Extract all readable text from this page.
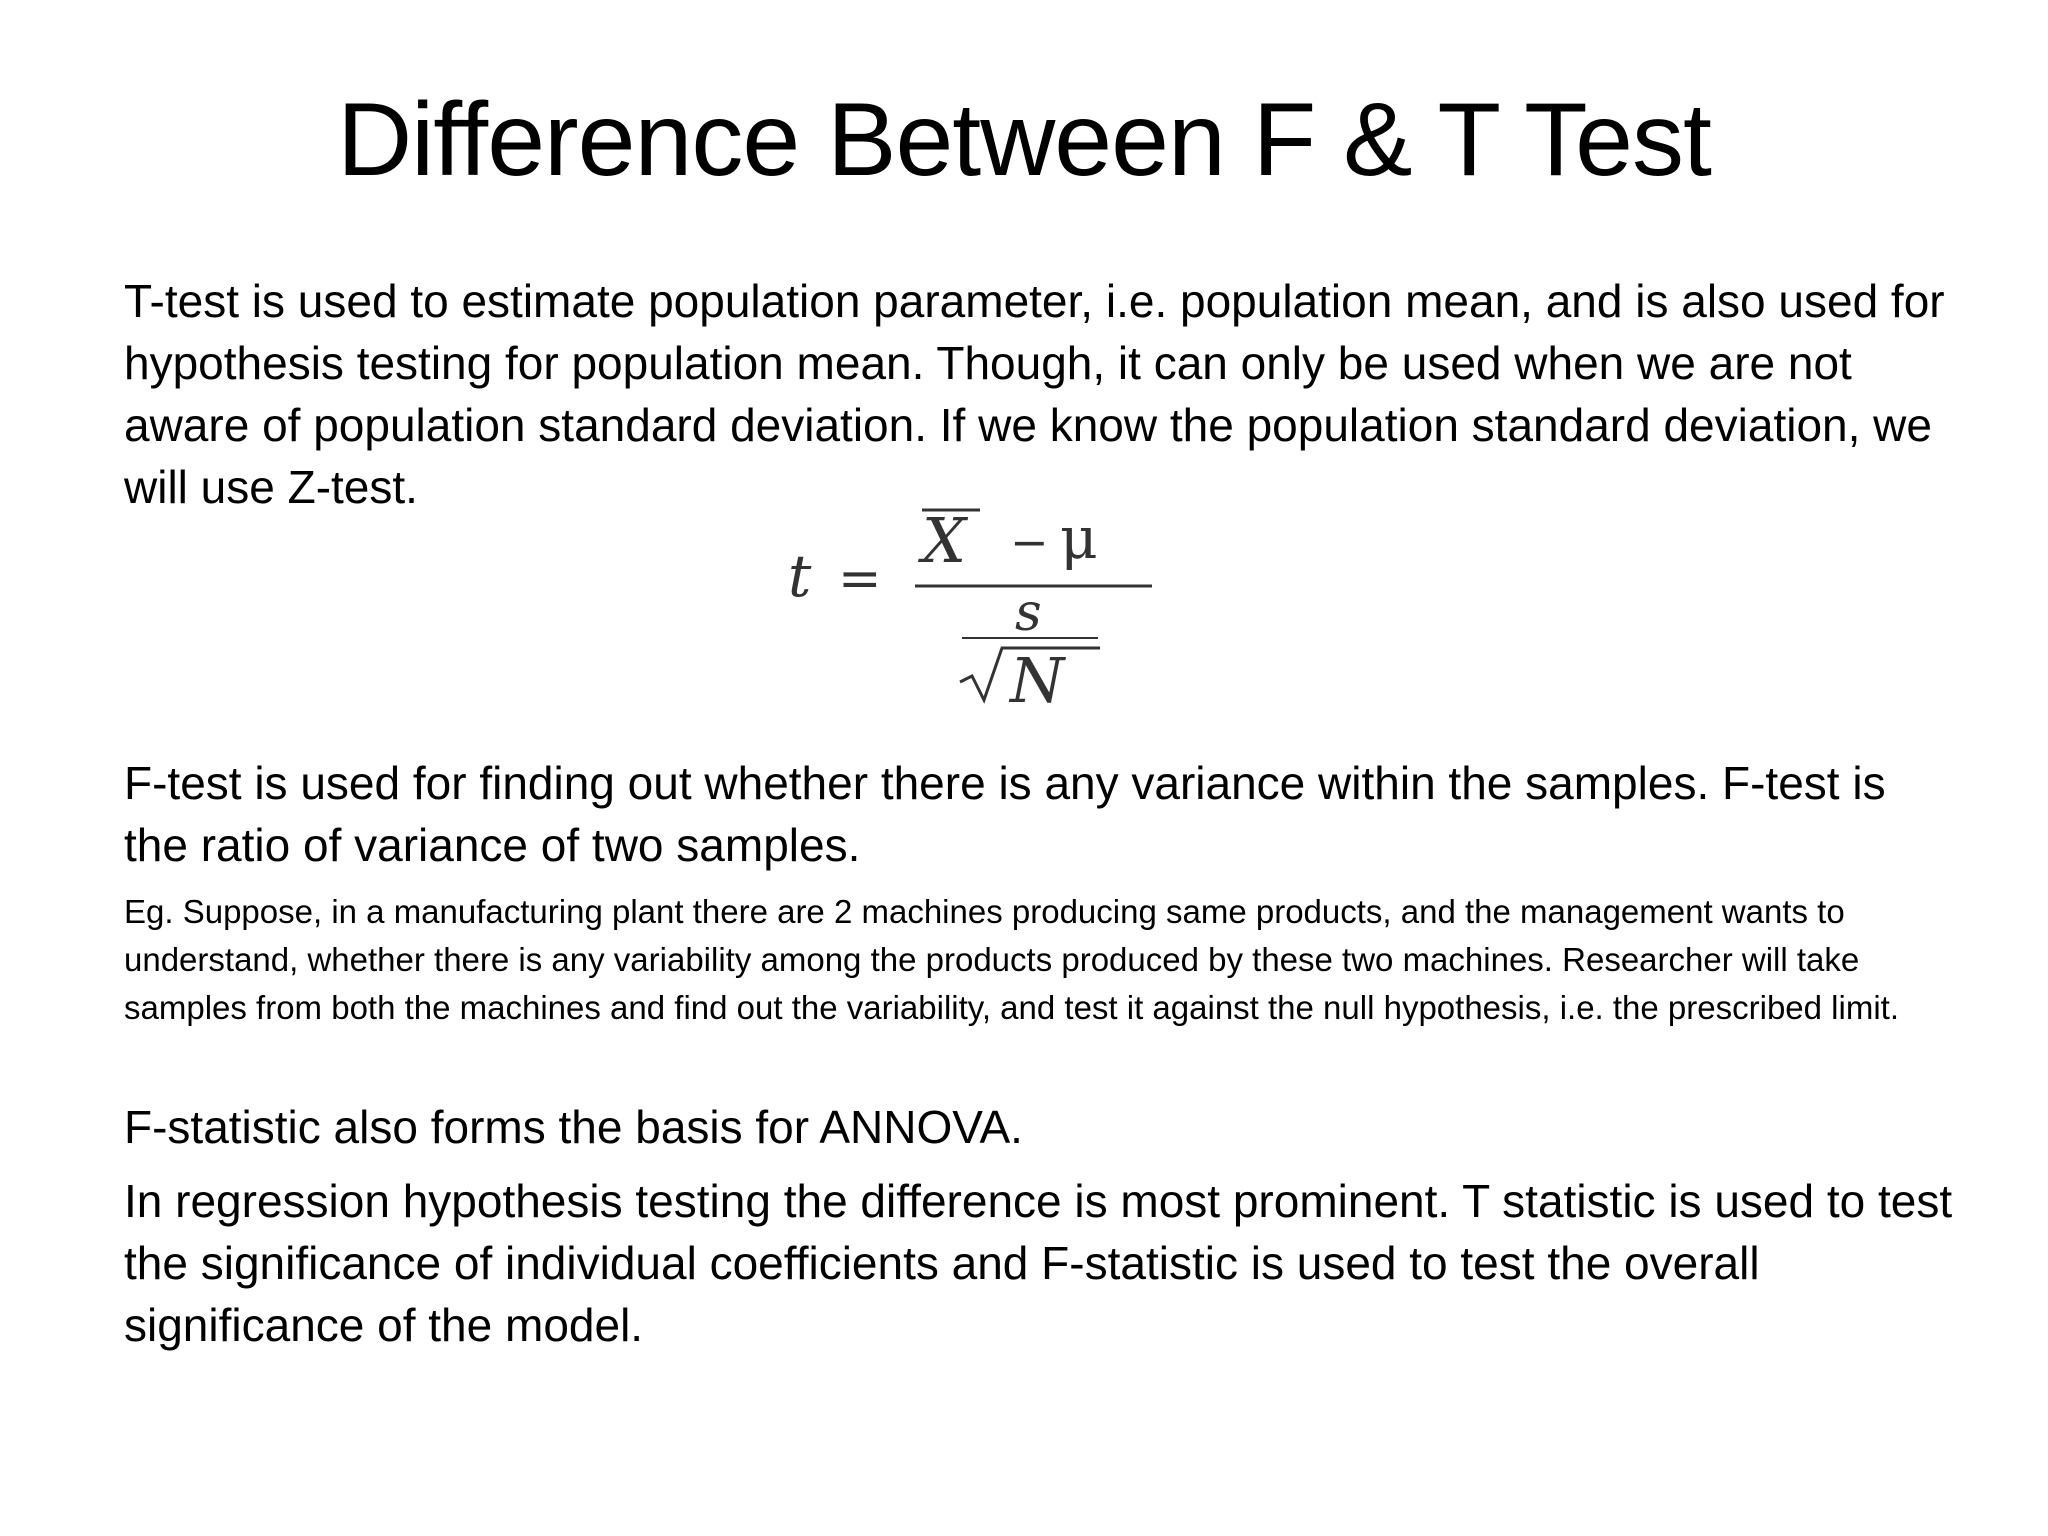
Difference Between F & T Test

T-test is used to estimate population parameter, i.e. population mean, and is also used for hypothesis testing for population mean. Though, it can only be used when we are not aware of population standard deviation. If we know the population standard deviation, we will use Z-test.

t =
X − μ
s
N

F-test is used for finding out whether there is any variance within the samples. F-test is the ratio of variance of two samples.

Eg. Suppose, in a manufacturing plant there are 2 machines producing same products, and the management wants to understand, whether there is any variability among the products produced by these two machines. Researcher will take samples from both the machines and find out the variability, and test it against the null hypothesis, i.e. the prescribed limit.

F-statistic also forms the basis for ANNOVA.

In regression hypothesis testing the difference is most prominent. T statistic is used to test the significance of individual coefficients and F-statistic is used to test the overall significance of the model.
